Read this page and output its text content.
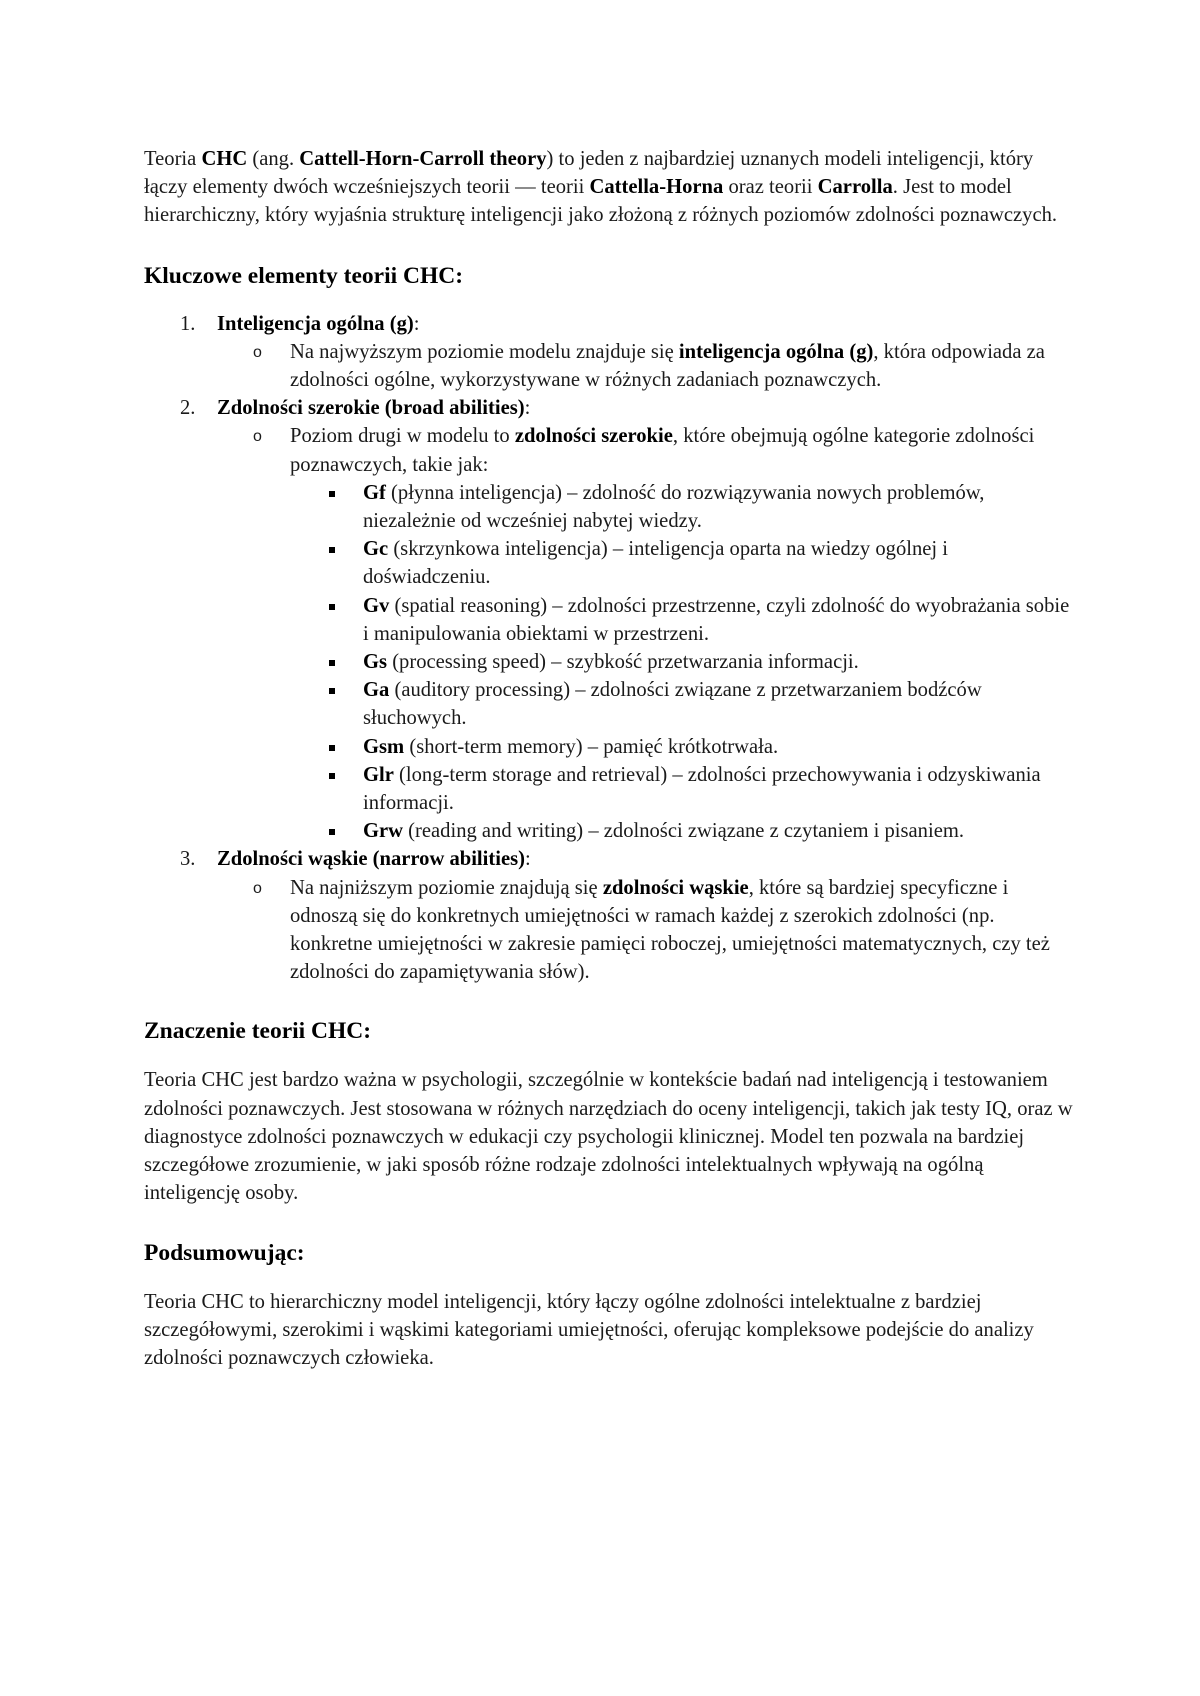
Teoria CHC (ang. Cattell-Horn-Carroll theory) to jeden z najbardziej uznanych modeli inteligencji, który łączy elementy dwóch wcześniejszych teorii — teorii Cattella-Horna oraz teorii Carrolla. Jest to model hierarchiczny, który wyjaśnia strukturę inteligencji jako złożoną z różnych poziomów zdolności poznawczych.

Kluczowe elementy teorii CHC:
1. Inteligencja ogólna (g):
o Na najwyższym poziomie modelu znajduje się inteligencja ogólna (g), która odpowiada za zdolności ogólne, wykorzystywane w różnych zadaniach poznawczych.
2. Zdolności szerokie (broad abilities):
o Poziom drugi w modelu to zdolności szerokie, które obejmują ogólne kategorie zdolności poznawczych, takie jak:
Gf (płynna inteligencja) – zdolność do rozwiązywania nowych problemów, niezależnie od wcześniej nabytej wiedzy.
Gc (skrzynkowa inteligencja) – inteligencja oparta na wiedzy ogólnej i doświadczeniu.
Gv (spatial reasoning) – zdolności przestrzenne, czyli zdolność do wyobrażania sobie i manipulowania obiektami w przestrzeni.
Gs (processing speed) – szybkość przetwarzania informacji.
Ga (auditory processing) – zdolności związane z przetwarzaniem bodźców słuchowych.
Gsm (short-term memory) – pamięć krótkotrwała.
Glr (long-term storage and retrieval) – zdolności przechowywania i odzyskiwania informacji.
Grw (reading and writing) – zdolności związane z czytaniem i pisaniem.
3. Zdolności wąskie (narrow abilities):
o Na najniższym poziomie znajdują się zdolności wąskie, które są bardziej specyficzne i odnoszą się do konkretnych umiejętności w ramach każdej z szerokich zdolności (np. konkretne umiejętności w zakresie pamięci roboczej, umiejętności matematycznych, czy też zdolności do zapamiętywania słów).
Znaczenie teorii CHC:

Teoria CHC jest bardzo ważna w psychologii, szczególnie w kontekście badań nad inteligencją i testowaniem zdolności poznawczych. Jest stosowana w różnych narzędziach do oceny inteligencji, takich jak testy IQ, oraz w diagnostyce zdolności poznawczych w edukacji czy psychologii klinicznej. Model ten pozwala na bardziej szczegółowe zrozumienie, w jaki sposób różne rodzaje zdolności intelektualnych wpływają na ogólną inteligencję osoby.

Podsumowując:

Teoria CHC to hierarchiczny model inteligencji, który łączy ogólne zdolności intelektualne z bardziej szczegółowymi, szerokimi i wąskimi kategoriami umiejętności, oferując kompleksowe podejście do analizy zdolności poznawczych człowieka.
